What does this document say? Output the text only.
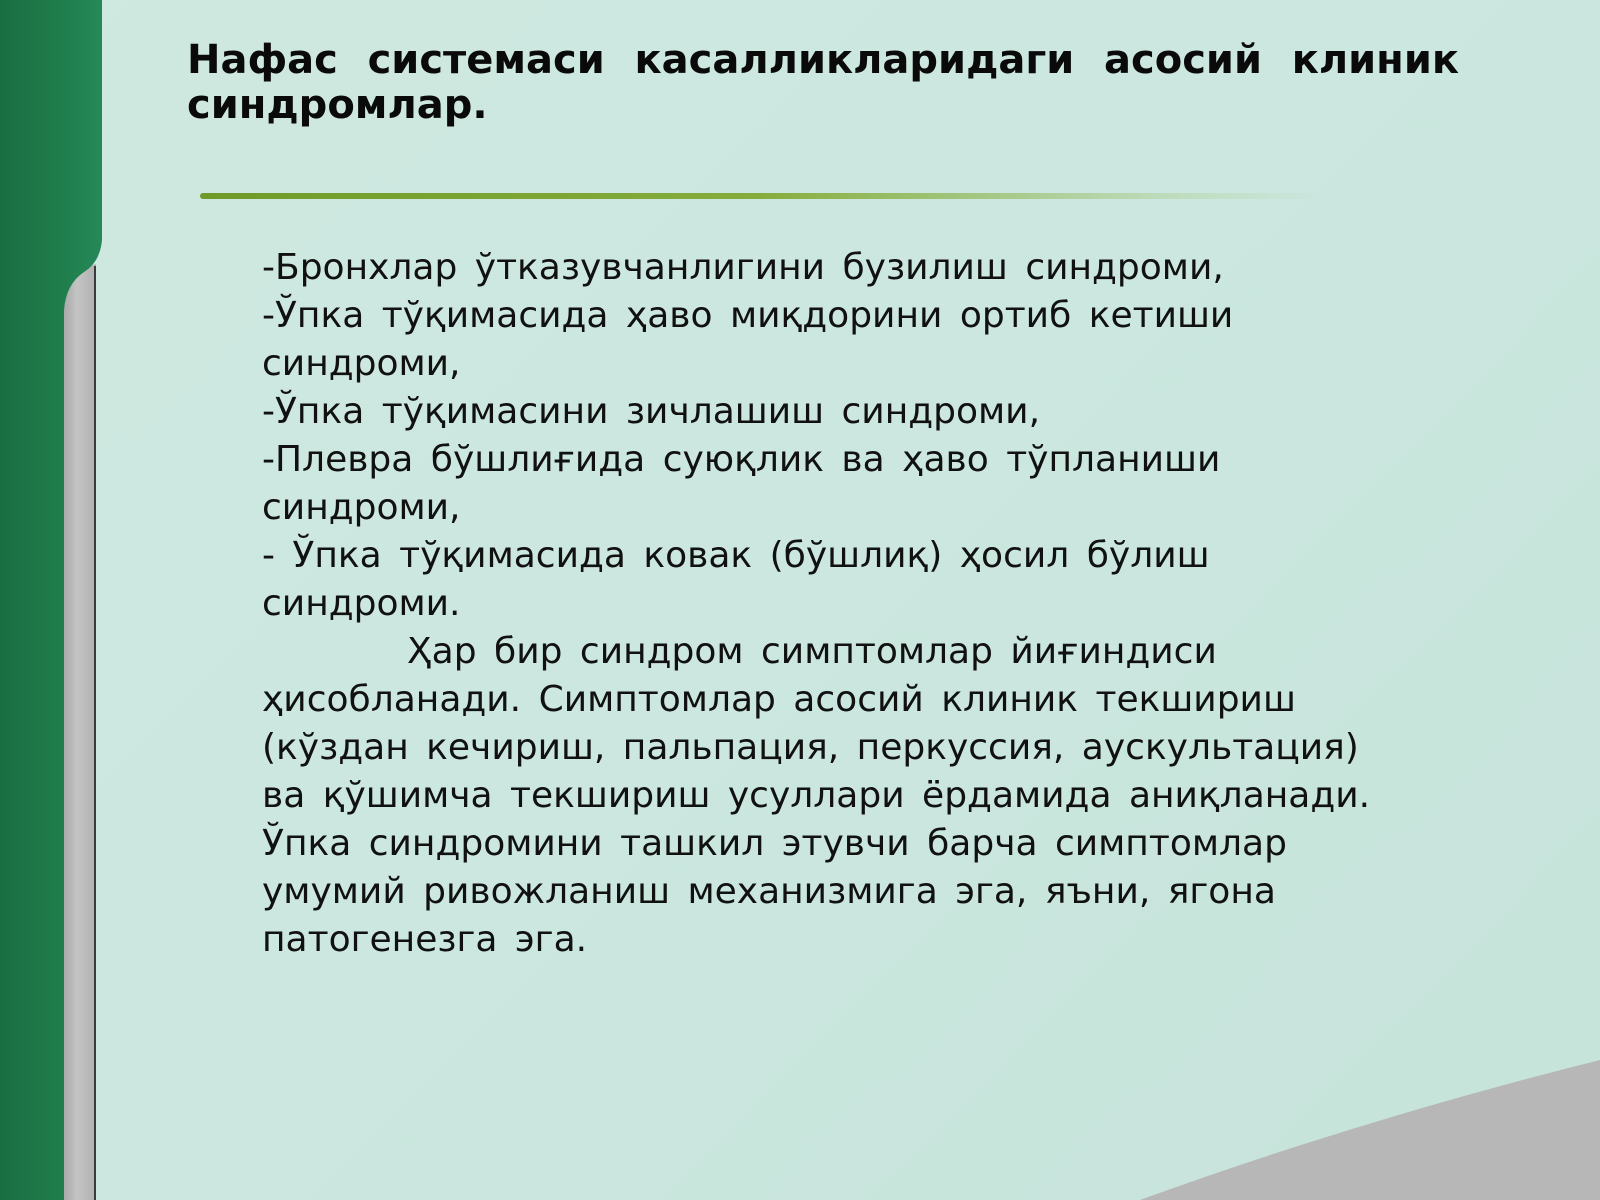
Нафас системаси касалликларидаги асосий клиник синдромлар.

-Бронхлар ўтказувчанлигини бузилиш синдроми,

-Ўпка тўқимасида ҳаво миқдорини ортиб кетиши синдроми,

-Ўпка тўқимасини зичлашиш синдроми,

-Плевра бўшлиғида суюқлик ва ҳаво тўпланиши синдроми,

- Ўпка тўқимасида ковак (бўшлиқ) ҳосил бўлиш синдроми.

Ҳар бир синдром симптомлар йиғиндиси ҳисобланади. Симптомлар асосий клиник текшириш (кўздан кечириш, пальпация, перкуссия, аускультация) ва қўшимча текшириш усуллари ёрдамида аниқланади. Ўпка синдромини ташкил этувчи барча симптомлар умумий ривожланиш механизмига эга, яъни, ягона патогенезга эга.
